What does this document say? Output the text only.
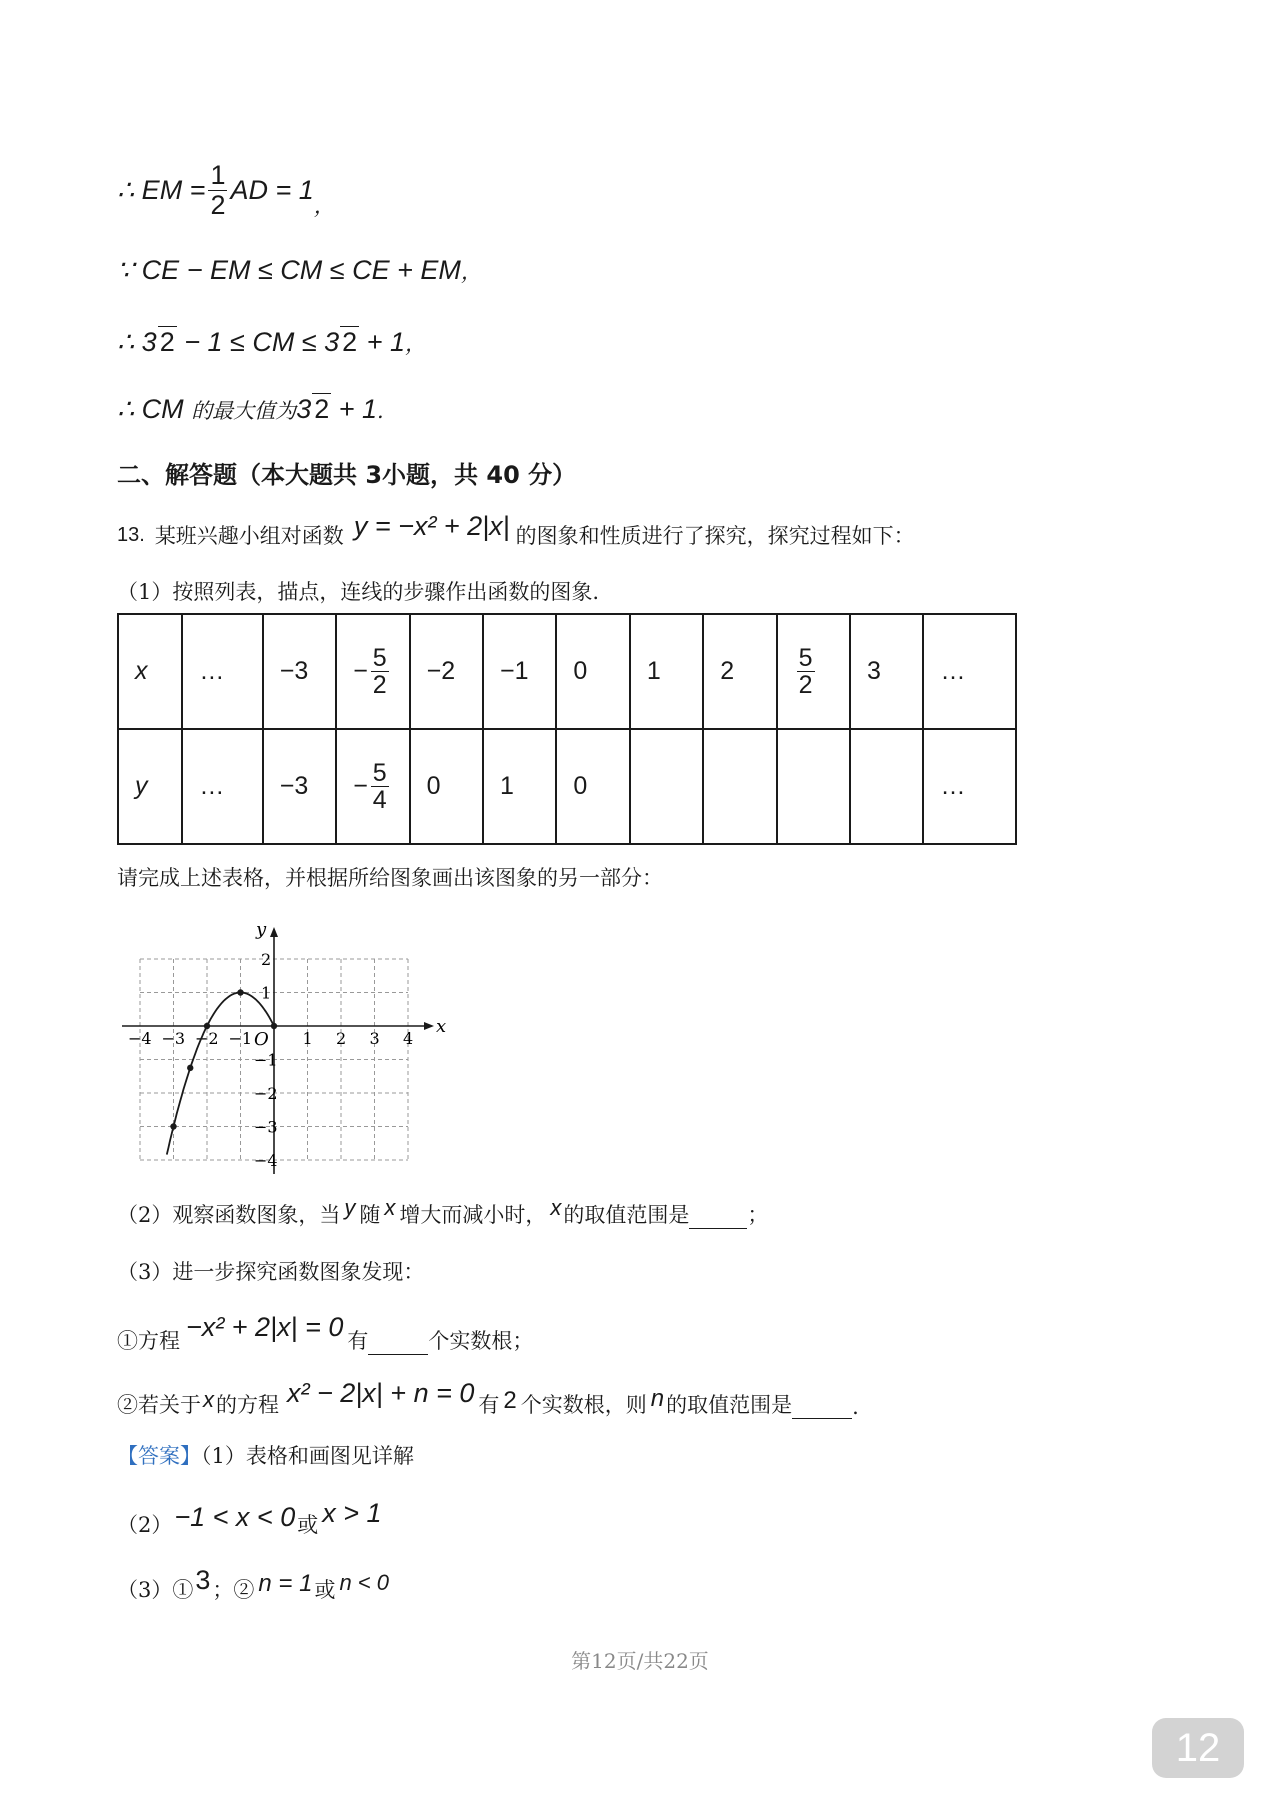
∴ EM = $\frac{1}{2}$ AD = 1
，
∵ CE − EM ≤ CM ≤ CE + EM，
∴ 3 2 − 1 ≤ CM ≤ 3 2 + 1，
∴ CM 的最大值为3 2 + 1.
二、解答题（本大题共 3小题，共 40 分）
13. 某班兴趣小组对函数 y = −x² + 2|x| 的图象和性质进行了探究，探究过程如下：
（1）按照列表，描点，连线的步骤作出函数的图象.
x	…	−3	− $\frac{5}{2}$	−2	−1	0	1	2	$\frac{5}{2}$	3	…
y	…	−3	− $\frac{5}{4}$	0	1	0					…
请完成上述表格，并根据所给图象画出该图象的另一部分：
−4 −3 −2 −1	1 2 3 4
2
1
−1
−2
−3
−4
x
y
O
（2）观察函数图象，当 y 随 x 增大而减小时， x 的取值范围是	；
（3）进一步探究函数图象发现：
①方程 −x² + 2|x| = 0 有	个实数根；
②若关于 x 的方程 x² − 2|x| + n = 0 有 2 个实数根，则 n 的取值范围是	.
【答案】（1）表格和画图见详解
（2） −1 < x < 0 或 x > 1
（3）① 3 ；② n = 1 或 n < 0
第12页/共22页
12
